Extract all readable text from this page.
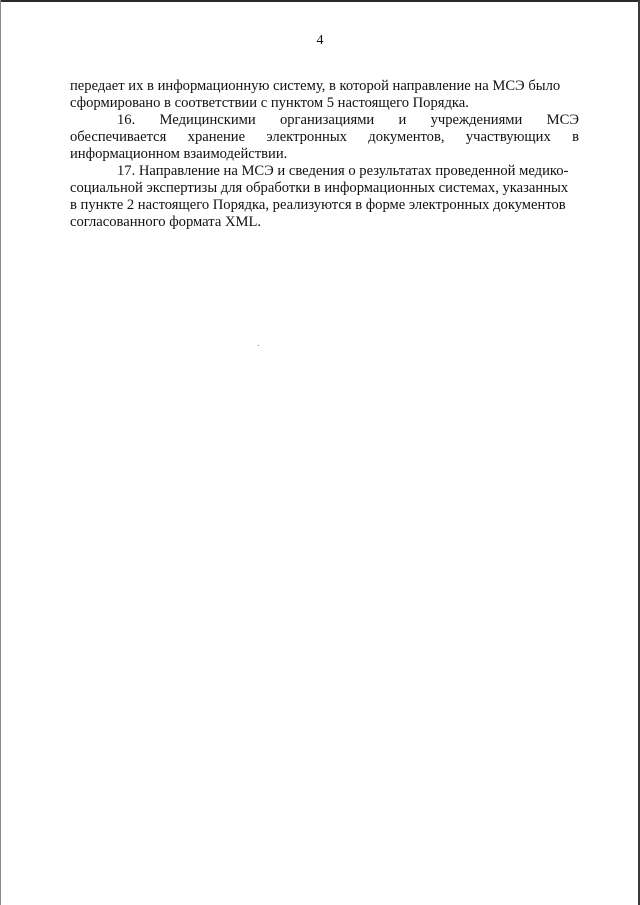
4
передает их в информационную систему, в которой направление на МСЭ было
сформировано в соответствии с пунктом 5 настоящего Порядка.
16. Медицинскими организациями и учреждениями МСЭ
обеспечивается хранение электронных документов, участвующих в
информационном взаимодействии.
17. Направление на МСЭ и сведения о результатах проведенной медико-
социальной экспертизы для обработки в информационных системах, указанных
в пункте 2 настоящего Порядка, реализуются в форме электронных документов
согласованного формата XML.
